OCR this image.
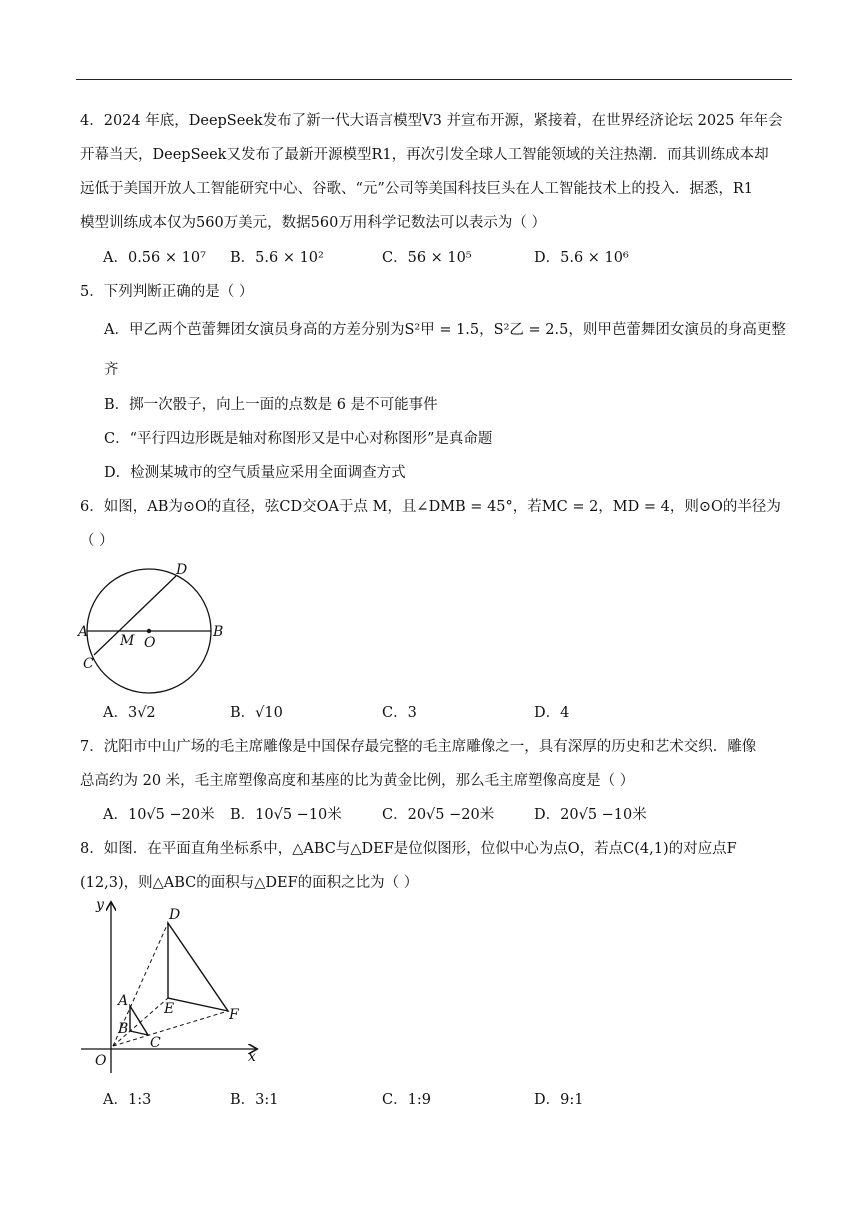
4．2024 年底，DeepSeek发布了新一代大语言模型V3 并宣布开源，紧接着，在世界经济论坛 2025 年年会
开幕当天，DeepSeek又发布了最新开源模型R1，再次引发全球人工智能领域的关注热潮．而其训练成本却
远低于美国开放人工智能研究中心、谷歌、“元”公司等美国科技巨头在人工智能技术上的投入．据悉，R1
模型训练成本仅为560万美元，数据560万用科学记数法可以表示为（ ）
A．0.56 × 10⁷ B．5.6 × 10²	C．56 × 10⁵	D．5.6 × 10⁶
5．下列判断正确的是（ ）
A．甲乙两个芭蕾舞团女演员身高的方差分别为S²甲 = 1.5，S²乙 = 2.5，则甲芭蕾舞团女演员的身高更整
齐
B．掷一次骰子，向上一面的点数是 6 是不可能事件
C．“平行四边形既是轴对称图形又是中心对称图形”是真命题
D．检测某城市的空气质量应采用全面调查方式
6．如图，AB为⊙O的直径，弦CD交OA于点 M，且∠DMB = 45°，若MC = 2，MD = 4，则⊙O的半径为
（ ）
A	B
C
D
M O
A．3√2	B．√10	C．3	D．4
7．沈阳市中山广场的毛主席雕像是中国保存最完整的毛主席雕像之一，具有深厚的历史和艺术交织．雕像
总高约为 20 米，毛主席塑像高度和基座的比为黄金比例，那么毛主席塑像高度是（ ）
A．10√5 −20米 B．10√5 −10米	C．20√5 −20米	D．20√5 −10米
8．如图．在平面直角坐标系中，△ABC与△DEF是位似图形，位似中心为点O，若点C(4,1)的对应点F
(12,3)，则△ABC的面积与△DEF的面积之比为（ ）
x
y
O
D
E	F
A
B
C
A．1:3	B．3:1	C．1:9	D．9:1
